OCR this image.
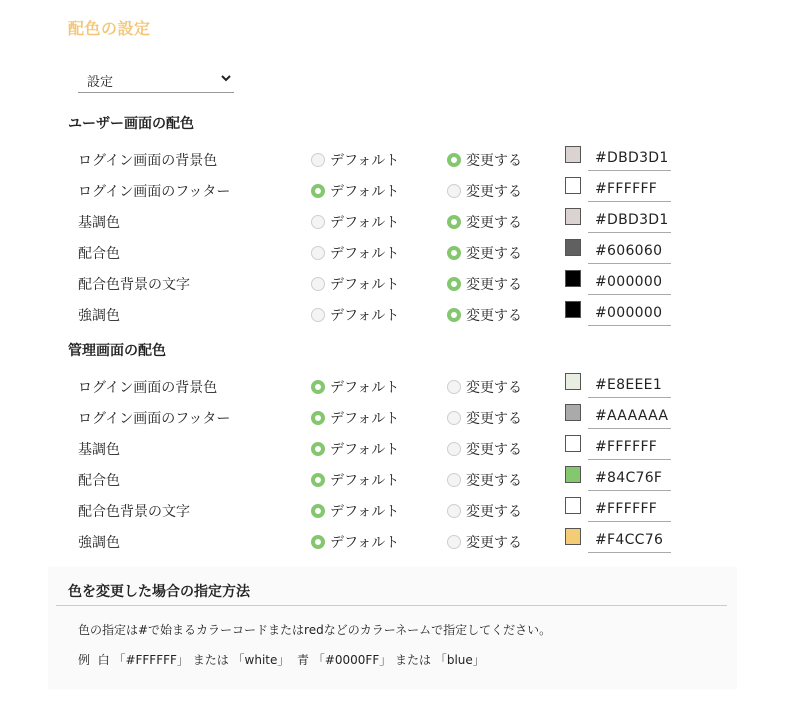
配色の設定
設定
ユーザー画面の配色
ログイン画面の背景色	デフォルト	変更する	#DBD3D1
ログイン画面のフッター	デフォルト	変更する	#FFFFFF
基調色	デフォルト	変更する	#DBD3D1
配合色	デフォルト	変更する	#606060
配合色背景の文字	デフォルト	変更する	#000000
強調色	デフォルト	変更する	#000000
管理画面の配色
ログイン画面の背景色	デフォルト	変更する	#E8EEE1
ログイン画面のフッター	デフォルト	変更する	#AAAAAA
基調色	デフォルト	変更する	#FFFFFF
配合色	デフォルト	変更する	#84C76F
配合色背景の文字	デフォルト	変更する	#FFFFFF
強調色	デフォルト	変更する	#F4CC76
色を変更した場合の指定方法
色の指定は#で始まるカラーコードまたはredなどのカラーネームで指定してください。
例  白 「#FFFFFF」 または 「white」  青 「#0000FF」 または 「blue」
